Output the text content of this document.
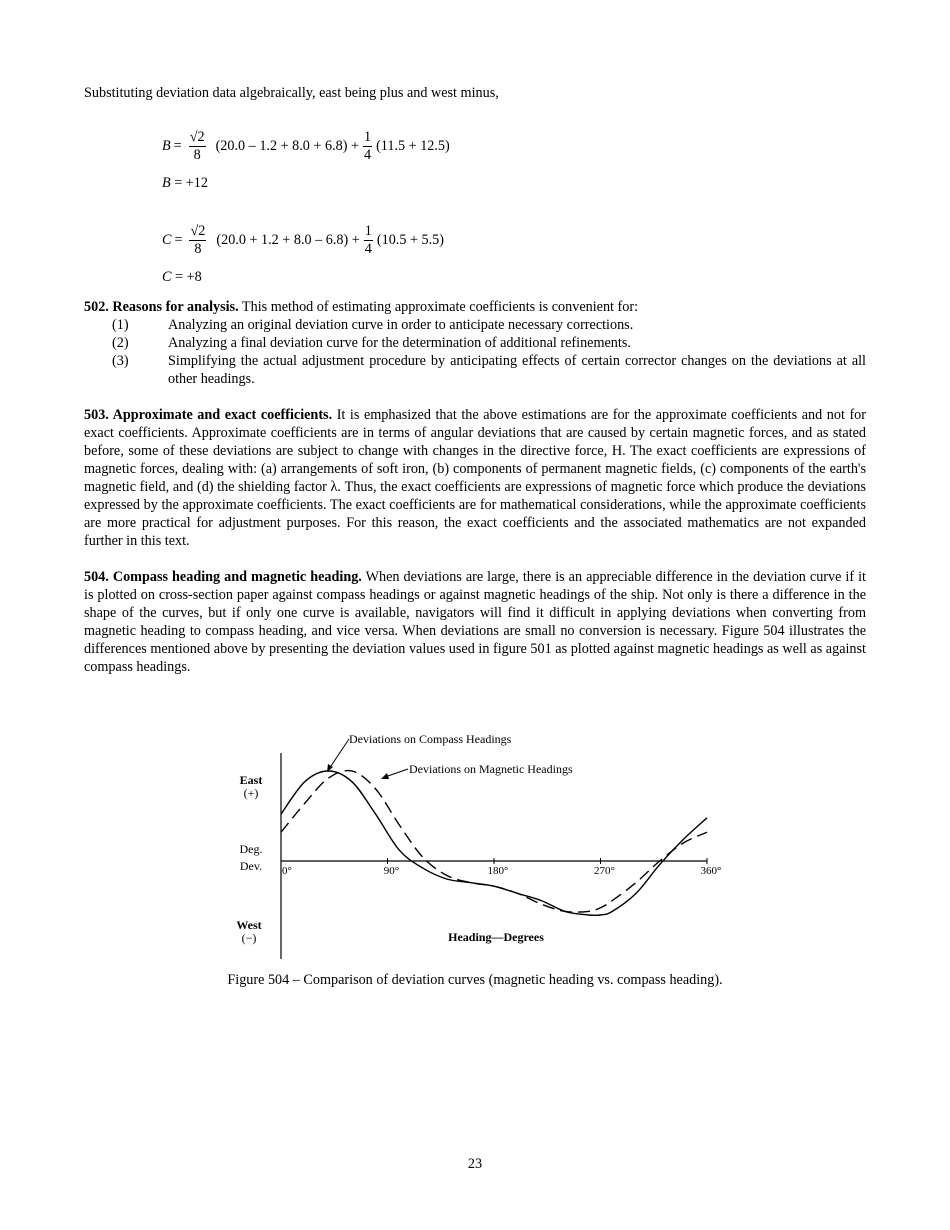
Substituting deviation data algebraically, east being plus and west minus,

$B = \frac{√2}{8} (20.0 - 1.2 + 8.0 + 6.8) + \frac{1}{4} (11.5 + 12.5)$
B = +12
$C = \frac{√2}{8} (20.0 + 1.2 + 8.0 - 6.8) + \frac{1}{4} (10.5 + 5.5)$
C = +8

502. Reasons for analysis. This method of estimating approximate coefficients is convenient for:

(1)	Analyzing an original deviation curve in order to anticipate necessary corrections.
(2)	Analyzing a final deviation curve for the determination of additional refinements.
(3)	Simplifying the actual adjustment procedure by anticipating effects of certain corrector changes on the deviations at all other headings.

503. Approximate and exact coefficients. It is emphasized that the above estimations are for the approximate coefficients and not for exact coefficients. Approximate coefficients are in terms of angular deviations that are caused by certain magnetic forces, and as stated before, some of these deviations are subject to change with changes in the directive force, H. The exact coefficients are expressions of magnetic forces, dealing with: (a) arrangements of soft iron, (b) components of permanent magnetic fields, (c) components of the earth's magnetic field, and (d) the shielding factor λ. Thus, the exact coefficients are expressions of magnetic force which produce the deviations expressed by the approximate coefficients. The exact coefficients are for mathematical considerations, while the approximate coefficients are more practical for adjustment purposes. For this reason, the exact coefficients and the associated mathematics are not expanded further in this text.

504. Compass heading and magnetic heading. When deviations are large, there is an appreciable difference in the deviation curve if it is plotted on cross-section paper against compass headings or against magnetic headings of the ship. Not only is there a difference in the shape of the curves, but if only one curve is available, navigators will find it difficult in applying deviations when converting from magnetic heading to compass heading, and vice versa. When deviations are small no conversion is necessary. Figure 504 illustrates the differences mentioned above by presenting the deviation values used in figure 501 as plotted against magnetic headings as well as against compass headings.

East
(+)
Deg.
Dev.
West
(−)	Heading—Degrees
0°	90°	180°	270°	360°
Deviations on Compass Headings
Deviations on Magnetic Headings
Figure 504 – Comparison of deviation curves (magnetic heading vs. compass heading).
23
